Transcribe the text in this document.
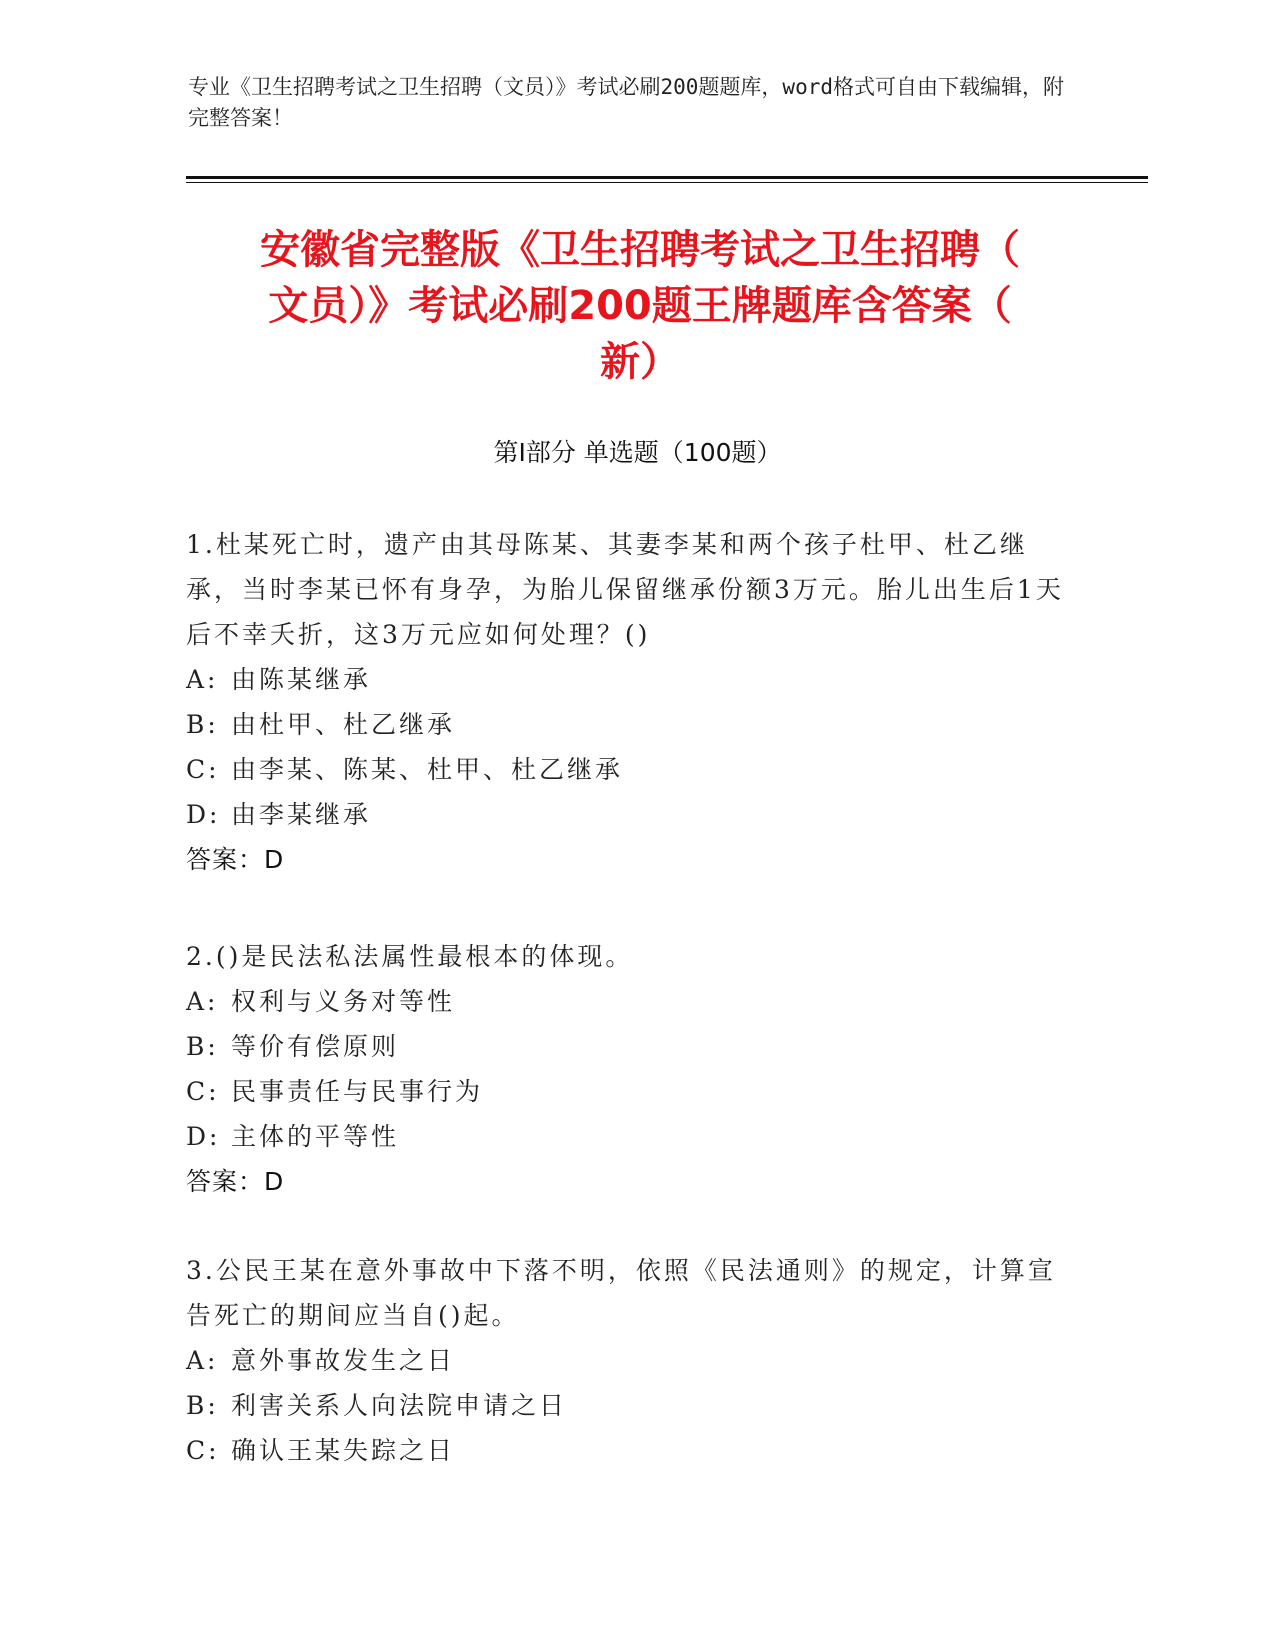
专业《卫生招聘考试之卫生招聘（文员）》考试必刷200题题库，word格式可自由下载编辑，附完整答案！
安徽省完整版《卫生招聘考试之卫生招聘（
文员）》考试必刷200题王牌题库含答案（
新）
第Ⅰ部分 单选题（100题）
1.杜某死亡时，遗产由其母陈某、其妻李某和两个孩子杜甲、杜乙继承，当时李某已怀有身孕，为胎儿保留继承份额3万元。胎儿出生后1天后不幸夭折，这3万元应如何处理？()
A: 由陈某继承
B: 由杜甲、杜乙继承
C: 由李某、陈某、杜甲、杜乙继承
D: 由李某继承
答案：D
2.()是民法私法属性最根本的体现。
A: 权利与义务对等性
B: 等价有偿原则
C: 民事责任与民事行为
D: 主体的平等性
答案：D
3.公民王某在意外事故中下落不明，依照《民法通则》的规定，计算宣告死亡的期间应当自()起。
A: 意外事故发生之日
B: 利害关系人向法院申请之日
C: 确认王某失踪之日
